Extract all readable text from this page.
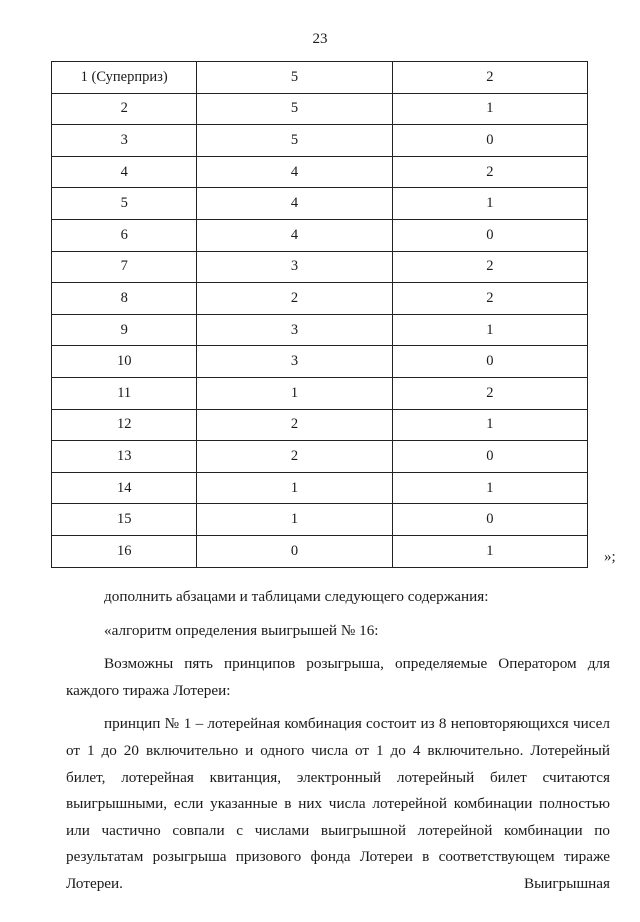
23
1 (Суперприз)	5	2
2	5	1
3	5	0
4	4	2
5	4	1
6	4	0
7	3	2
8	2	2
9	3	1
10	3	0
11	1	2
12	2	1
13	2	0
14	1	1
15	1	0
16	0	1	»;

дополнить абзацами и таблицами следующего содержания:

«алгоритм определения выигрышей № 16:

Возможны пять принципов розыгрыша, определяемые Оператором для каждого тиража Лотереи:

принцип № 1 – лотерейная комбинация состоит из 8 неповторяющихся чисел от 1 до 20 включительно и одного числа от 1 до 4 включительно. Лотерейный билет, лотерейная квитанция, электронный лотерейный билет считаются выигрышными, если указанные в них числа лотерейной комбинации полностью или частично совпали с числами выигрышной лотерейной комбинации по результатам розыгрыша призового фонда Лотереи в соответствующем тираже Лотереи. Выигрышная
